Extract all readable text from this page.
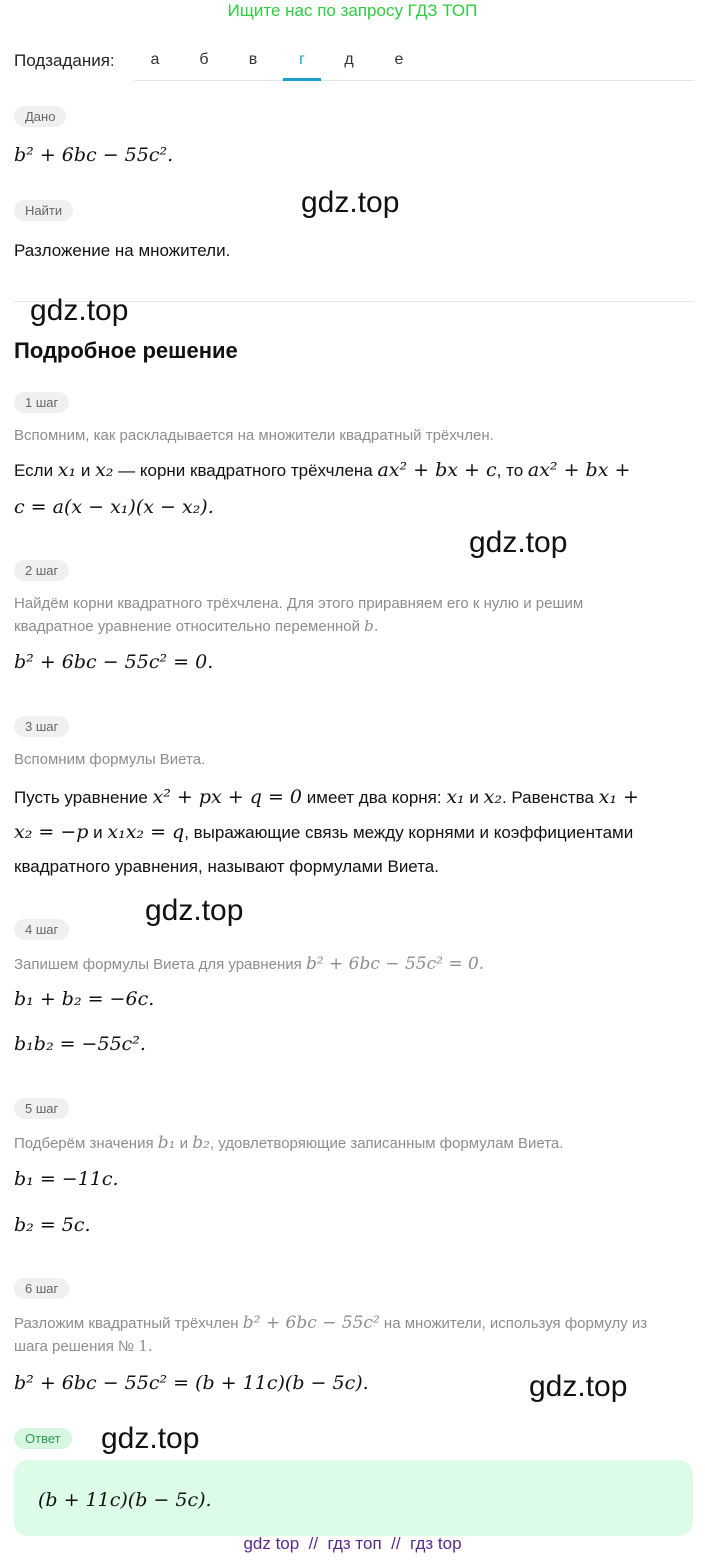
Ищите нас по запросу ГДЗ ТОП
Подзадания:	а	б	в	г	д	е
Дано
b² + 6bc − 55c².
Найти
Разложение на множители.
gdz.top
gdz.top
gdz.top
gdz.top
gdz.top
gdz.top
Подробное решение
1 шаг
Вспомним, как раскладывается на множители квадратный трёхчлен.
Если x₁ и x₂ — корни квадратного трёхчлена ax² + bx + c, то ax² + bx +
c = a(x − x₁)(x − x₂).
2 шаг
Найдём корни квадратного трёхчлена. Для этого приравняем его к нулю и решим
квадратное уравнение относительно переменной b.
b² + 6bc − 55c² = 0.
3 шаг
Вспомним формулы Виета.
Пусть уравнение x² + px + q = 0 имеет два корня: x₁ и x₂. Равенства x₁ +
x₂ = −p и x₁x₂ = q, выражающие связь между корнями и коэффициентами
квадратного уравнения, называют формулами Виета.
4 шаг
Запишем формулы Виета для уравнения b² + 6bc − 55c² = 0.
b₁ + b₂ = −6c.
b₁b₂ = −55c².
5 шаг
Подберём значения b₁ и b₂, удовлетворяющие записанным формулам Виета.
b₁ = −11c.
b₂ = 5c.
6 шаг
Разложим квадратный трёхчлен b² + 6bc − 55c² на множители, используя формулу из
шага решения № 1.
b² + 6bc − 55c² = (b + 11c)(b − 5c).
Ответ
(b + 11c)(b − 5c).
gdz top  //  гдз топ  //  гдз top
